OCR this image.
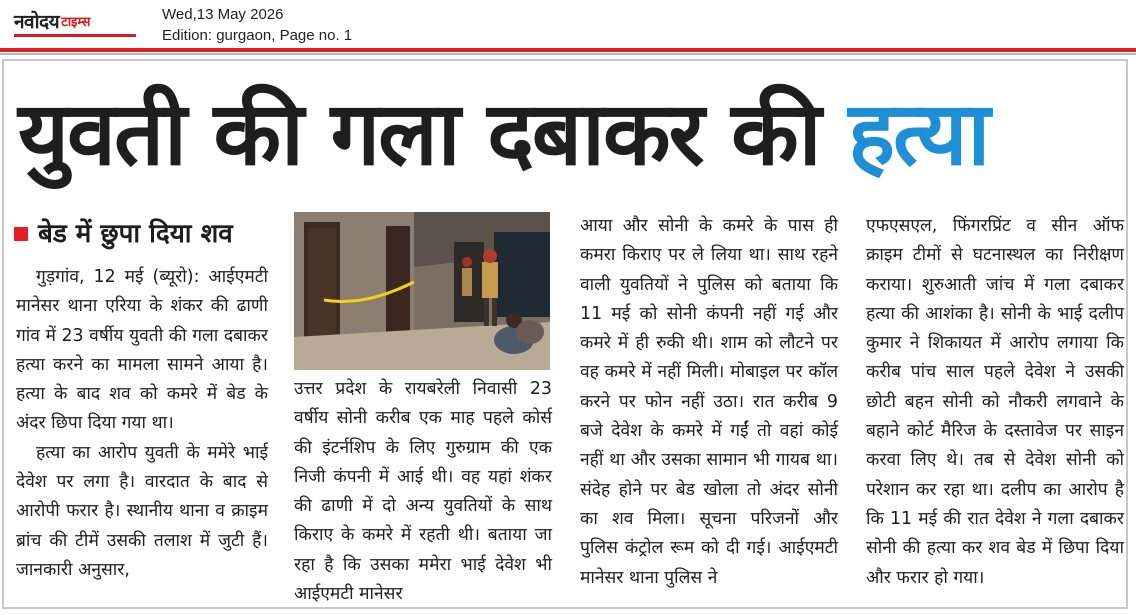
नवोदय टाइम्स	Wed,13 May 2026
Edition: gurgaon, Page no. 1
युवती की गला दबाकर की हत्या
बेड में छुपा दिया शव

गुड़गांव, 12 मई (ब्यूरो): आईएमटी मानेसर थाना एरिया के शंकर की ढाणी गांव में 23 वर्षीय युवती की गला दबाकर हत्या करने का मामला सामने आया है। हत्या के बाद शव को कमरे में बेड के अंदर छिपा दिया गया था।

हत्या का आरोप युवती के ममेरे भाई देवेश पर लगा है। वारदात के बाद से आरोपी फरार है। स्थानीय थाना व क्राइम ब्रांच की टीमें उसकी तलाश में जुटी हैं। जानकारी अनुसार,

उत्तर प्रदेश के रायबरेली निवासी 23 वर्षीय सोनी करीब एक माह पहले कोर्स की इंटर्नशिप के लिए गुरुग्राम की एक निजी कंपनी में आई थी। वह यहां शंकर की ढाणी में दो अन्य युवतियों के साथ किराए के कमरे में रहती थी। बताया जा रहा है कि उसका ममेरा भाई देवेश भी आईएमटी मानेसर

आया और सोनी के कमरे के पास ही कमरा किराए पर ले लिया था। साथ रहने वाली युवतियों ने पुलिस को बताया कि 11 मई को सोनी कंपनी नहीं गई और कमरे में ही रुकी थी। शाम को लौटने पर वह कमरे में नहीं मिली। मोबाइल पर कॉल करने पर फोन नहीं उठा। रात करीब 9 बजे देवेश के कमरे में गईं तो वहां कोई नहीं था और उसका सामान भी गायब था। संदेह होने पर बेड खोला तो अंदर सोनी का शव मिला। सूचना परिजनों और पुलिस कंट्रोल रूम को दी गई। आईएमटी मानेसर थाना पुलिस ने

एफएसएल, फिंगरप्रिंट व सीन ऑफ क्राइम टीमों से घटनास्थल का निरीक्षण कराया। शुरुआती जांच में गला दबाकर हत्या की आशंका है। सोनी के भाई दलीप कुमार ने शिकायत में आरोप लगाया कि करीब पांच साल पहले देवेश ने उसकी छोटी बहन सोनी को नौकरी लगवाने के बहाने कोर्ट मैरिज के दस्तावेज पर साइन करवा लिए थे। तब से देवेश सोनी को परेशान कर रहा था। दलीप का आरोप है कि 11 मई की रात देवेश ने गला दबाकर सोनी की हत्या कर शव बेड में छिपा दिया और फरार हो गया।
